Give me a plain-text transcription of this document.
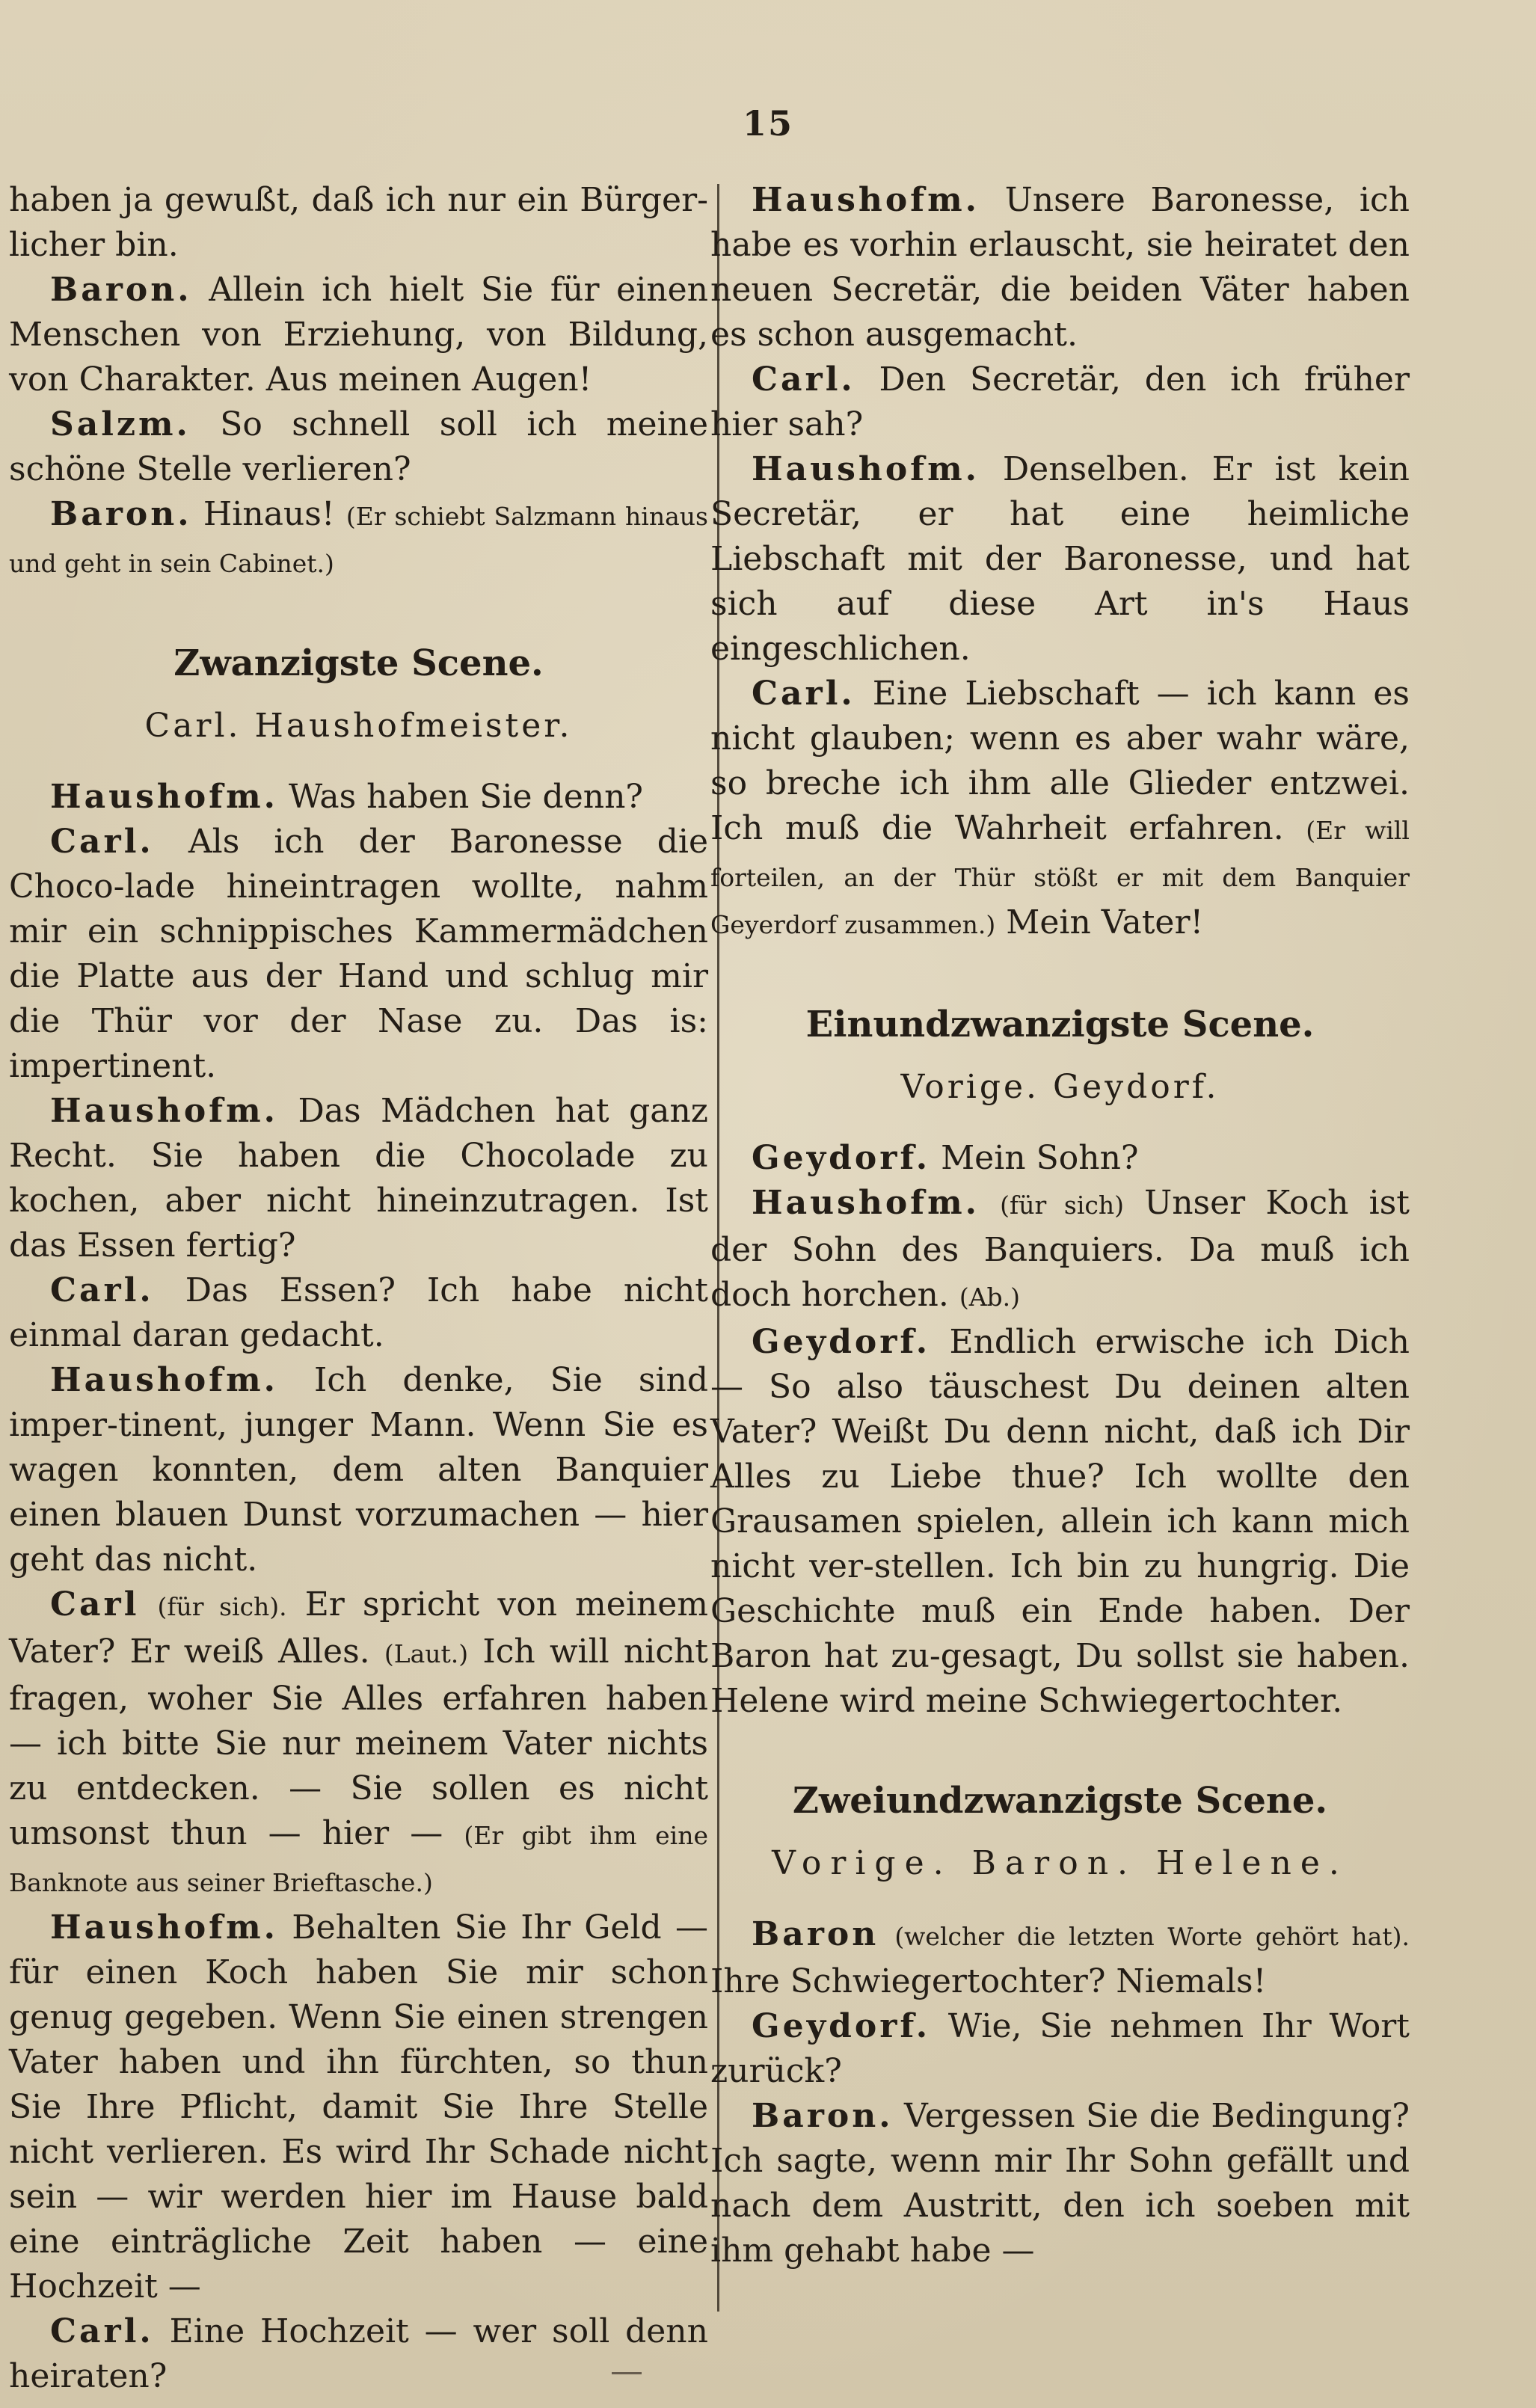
15

haben ja gewußt, daß ich nur ein Bürger-licher bin.

Baron. Allein ich hielt Sie für einen Menschen von Erziehung, von Bildung, von Charakter. Aus meinen Augen!

Salzm. So schnell soll ich meine schöne Stelle verlieren?

Baron. Hinaus! (Er schiebt Salzmann hinaus und geht in sein Cabinet.)

Zwanzigste Scene.
Carl. Haushofmeister.

Haushofm. Was haben Sie denn?

Carl. Als ich der Baronesse die Choco-lade hineintragen wollte, nahm mir ein schnippisches Kammermädchen die Platte aus der Hand und schlug mir die Thür vor der Nase zu. Das is: impertinent.

Haushofm. Das Mädchen hat ganz Recht. Sie haben die Chocolade zu kochen, aber nicht hineinzutragen. Ist das Essen fertig?

Carl. Das Essen? Ich habe nicht einmal daran gedacht.

Haushofm. Ich denke, Sie sind imper-tinent, junger Mann. Wenn Sie es wagen konnten, dem alten Banquier einen blauen Dunst vorzumachen — hier geht das nicht.

Carl (für sich). Er spricht von meinem Vater? Er weiß Alles. (Laut.) Ich will nicht fragen, woher Sie Alles erfahren haben — ich bitte Sie nur meinem Vater nichts zu entdecken. — Sie sollen es nicht umsonst thun — hier — (Er gibt ihm eine Banknote aus seiner Brieftasche.)

Haushofm. Behalten Sie Ihr Geld — für einen Koch haben Sie mir schon genug gegeben. Wenn Sie einen strengen Vater haben und ihn fürchten, so thun Sie Ihre Pflicht, damit Sie Ihre Stelle nicht verlieren. Es wird Ihr Schade nicht sein — wir werden hier im Hause bald eine einträgliche Zeit haben — eine Hochzeit —

Carl. Eine Hochzeit — wer soll denn heiraten?

Haushofm. Unsere Baronesse, ich habe es vorhin erlauscht, sie heiratet den neuen Secretär, die beiden Väter haben es schon ausgemacht.

Carl. Den Secretär, den ich früher hier sah?

Haushofm. Denselben. Er ist kein Secretär, er hat eine heimliche Liebschaft mit der Baronesse, und hat sich auf diese Art in's Haus eingeschlichen.

Carl. Eine Liebschaft — ich kann es nicht glauben; wenn es aber wahr wäre, so breche ich ihm alle Glieder entzwei. Ich muß die Wahrheit erfahren. (Er will forteilen, an der Thür stößt er mit dem Banquier Geyerdorf zusammen.) Mein Vater!

Einundzwanzigste Scene.
Vorige. Geydorf.

Geydorf. Mein Sohn?

Haushofm. (für sich) Unser Koch ist der Sohn des Banquiers. Da muß ich doch horchen. (Ab.)

Geydorf. Endlich erwische ich Dich — So also täuschest Du deinen alten Vater? Weißt Du denn nicht, daß ich Dir Alles zu Liebe thue? Ich wollte den Grausamen spielen, allein ich kann mich nicht ver-stellen. Ich bin zu hungrig. Die Geschichte muß ein Ende haben. Der Baron hat zu-gesagt, Du sollst sie haben. Helene wird meine Schwiegertochter.

Zweiundzwanzigste Scene.
Vorige. Baron. Helene.

Baron (welcher die letzten Worte gehört hat). Ihre Schwiegertochter? Niemals!

Geydorf. Wie, Sie nehmen Ihr Wort zurück?

Baron. Vergessen Sie die Bedingung? Ich sagte, wenn mir Ihr Sohn gefällt und nach dem Austritt, den ich soeben mit ihm gehabt habe —
